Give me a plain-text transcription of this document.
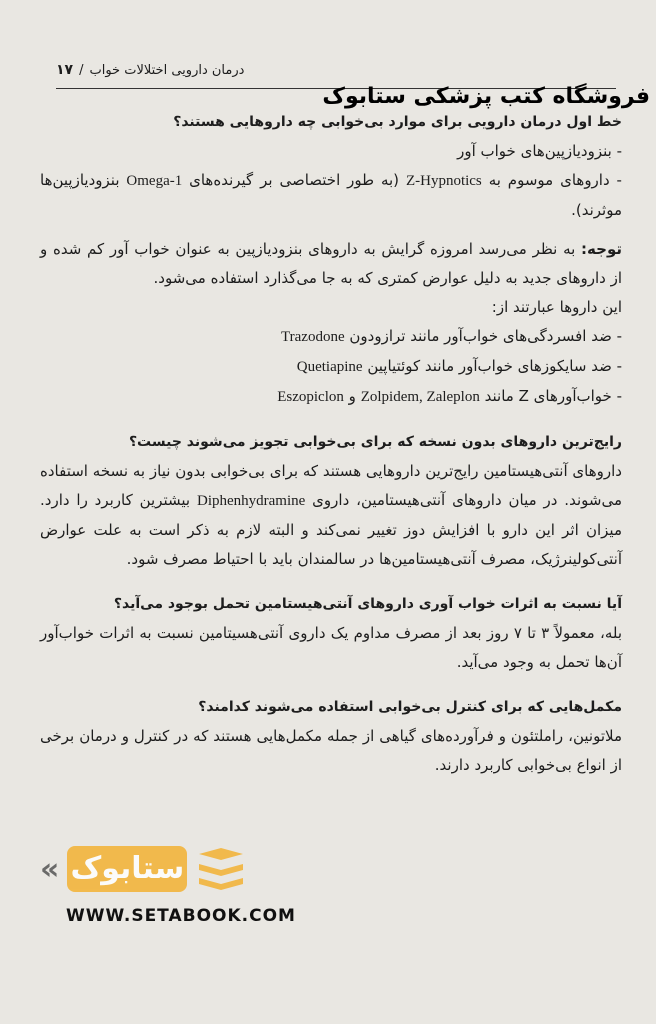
درمان دارویی اختلالات خواب
/
۱۷
فروشگاه کتب پزشکی ستابوک

خط اول درمان دارویی برای موارد بی‌خوابی چه داروهایی هستند؟

- بنزودیازپین‌های خواب آور

- داروهای موسوم به Z-Hypnotics (به طور اختصاصی بر گیرنده‌های Omega-1 بنزودیازپین‌ها موثرند).

توجه: به نظر می‌رسد امروزه گرایش به داروهای بنزودیازپین به عنوان خواب آور کم شده و از داروهای جدید به دلیل عوارض کمتری که به جا می‌گذارد استفاده می‌شود.

این داروها عبارتند از:

- ضد افسردگی‌های خواب‌آور مانند ترازودون Trazodone

- ضد سایکوزهای خواب‌آور مانند کوئتیاپین Quetiapine

- خواب‌آورهای Z مانند Zolpidem, Zaleplon و Eszopiclon

رایج‌ترین داروهای بدون نسخه که برای بی‌خوابی تجویز می‌شوند چیست؟

داروهای آنتی‌هیستامین رایج‌ترین داروهایی هستند که برای بی‌خوابی بدون نیاز به نسخه استفاده می‌شوند. در میان داروهای آنتی‌هیستامین، داروی Diphenhydramine بیشترین کاربرد را دارد. میزان اثر این دارو با افزایش دوز تغییر نمی‌کند و البته لازم به ذکر است به علت عوارض آنتی‌کولینرژیک، مصرف آنتی‌هیستامین‌ها در سالمندان باید با احتیاط مصرف شود.

آیا نسبت به اثرات خواب آوری داروهای آنتی‌هیستامین تحمل بوجود می‌آید؟

بله، معمولاً ۳ تا ۷ روز بعد از مصرف مداوم یک داروی آنتی‌هسیتامین نسبت به اثرات خواب‌آور آن‌ها تحمل به وجود می‌آید.

مکمل‌هایی که برای کنترل بی‌خوابی استفاده می‌شوند کدامند؟

ملاتونین، راملتئون و فرآورده‌های گیاهی از جمله مکمل‌هایی هستند که در کنترل و درمان برخی از انواع بی‌خوابی کاربرد دارند.

« ستابوک
WWW.SETABOOK.COM
